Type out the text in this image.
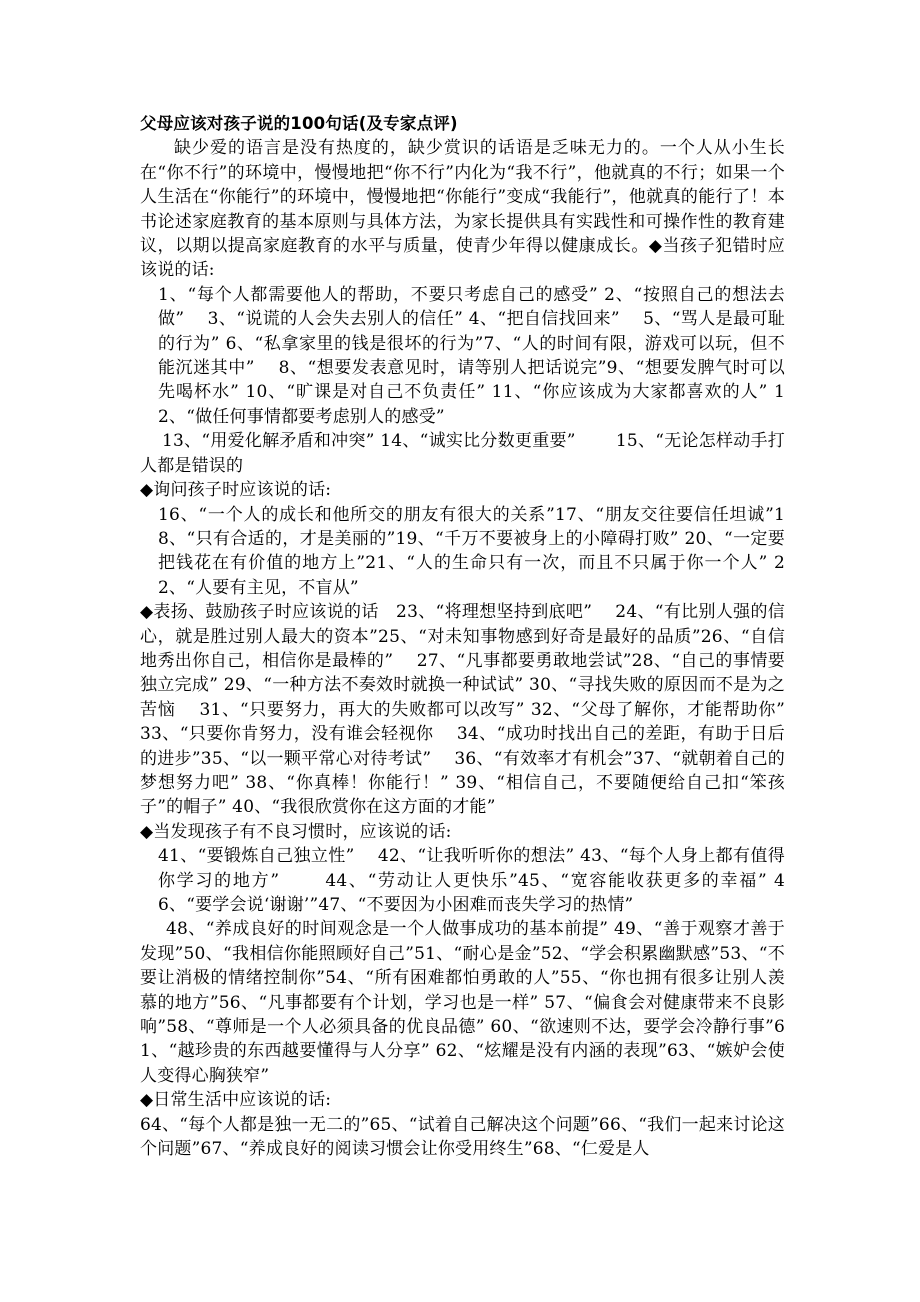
父母应该对孩子说的100句话(及专家点评)

缺少爱的语言是没有热度的，缺少赏识的话语是乏味无力的。一个人从小生长在“你不行”的环境中，慢慢地把“你不行”内化为“我不行”，他就真的不行；如果一个人生活在“你能行”的环境中，慢慢地把“你能行”变成“我能行”，他就真的能行了！本书论述家庭教育的基本原则与具体方法，为家长提供具有实践性和可操作性的教育建议，以期以提高家庭教育的水平与质量，使青少年得以健康成长。◆当孩子犯错时应该说的话:

1、“每个人都需要他人的帮助，不要只考虑自己的感受” 2、“按照自己的想法去做”　 3、“说谎的人会失去别人的信任” 4、“把自信找回来”　 5、“骂人是最可耻的行为” 6、“私拿家里的钱是很坏的行为”7、“人的时间有限，游戏可以玩，但不能沉迷其中”　 8、“想要发表意见时，请等别人把话说完”9、“想要发脾气时可以先喝杯水” 10、“旷课是对自己不负责任” 11、“你应该成为大家都喜欢的人” 12、“做任何事情都要考虑别人的感受”

13、“用爱化解矛盾和冲突” 14、“诚实比分数更重要”　　 15、“无论怎样动手打人都是错误的

◆询问孩子时应该说的话:

16、“一个人的成长和他所交的朋友有很大的关系”17、“朋友交往要信任坦诚”18、“只有合适的，才是美丽的”19、“千万不要被身上的小障碍打败” 20、“一定要把钱花在有价值的地方上”21、“人的生命只有一次，而且不只属于你一个人” 22、“人要有主见，不盲从”

◆表扬、鼓励孩子时应该说的话　23、“将理想坚持到底吧”　 24、“有比别人强的信心，就是胜过别人最大的资本”25、“对未知事物感到好奇是最好的品质”26、“自信地秀出你自己，相信你是最棒的”　 27、“凡事都要勇敢地尝试”28、“自己的事情要独立完成” 29、“一种方法不奏效时就换一种试试” 30、“寻找失败的原因而不是为之苦恼　 31、“只要努力，再大的失败都可以改写” 32、“父母了解你，才能帮助你”　 33、“只要你肯努力，没有谁会轻视你　 34、“成功时找出自己的差距，有助于日后的进步”35、“以一颗平常心对待考试”　 36、“有效率才有机会”37、“就朝着自己的梦想努力吧” 38、“你真棒！你能行！” 39、“相信自己，不要随便给自己扣“笨孩子”的帽子” 40、“我很欣赏你在这方面的才能”

◆当发现孩子有不良习惯时，应该说的话:

41、“要锻炼自己独立性”　 42、“让我听听你的想法” 43、“每个人身上都有值得你学习的地方”　　 44、“劳动让人更快乐”45、“宽容能收获更多的幸福” 46、“要学会说‘谢谢’”47、“不要因为小困难而丧失学习的热情”

48、“养成良好的时间观念是一个人做事成功的基本前提” 49、“善于观察才善于发现”50、“我相信你能照顾好自己”51、“耐心是金”52、“学会积累幽默感”53、“不要让消极的情绪控制你”54、“所有困难都怕勇敢的人”55、“你也拥有很多让别人羡慕的地方”56、“凡事都要有个计划，学习也是一样” 57、“偏食会对健康带来不良影响”58、“尊师是一个人必须具备的优良品德” 60、“欲速则不达，要学会冷静行事”61、“越珍贵的东西越要懂得与人分享” 62、“炫耀是没有内涵的表现”63、“嫉妒会使人变得心胸狭窄”

◆日常生活中应该说的话:

64、“每个人都是独一无二的”65、“试着自己解决这个问题”66、“我们一起来讨论这个问题”67、“养成良好的阅读习惯会让你受用终生”68、“仁爱是人
